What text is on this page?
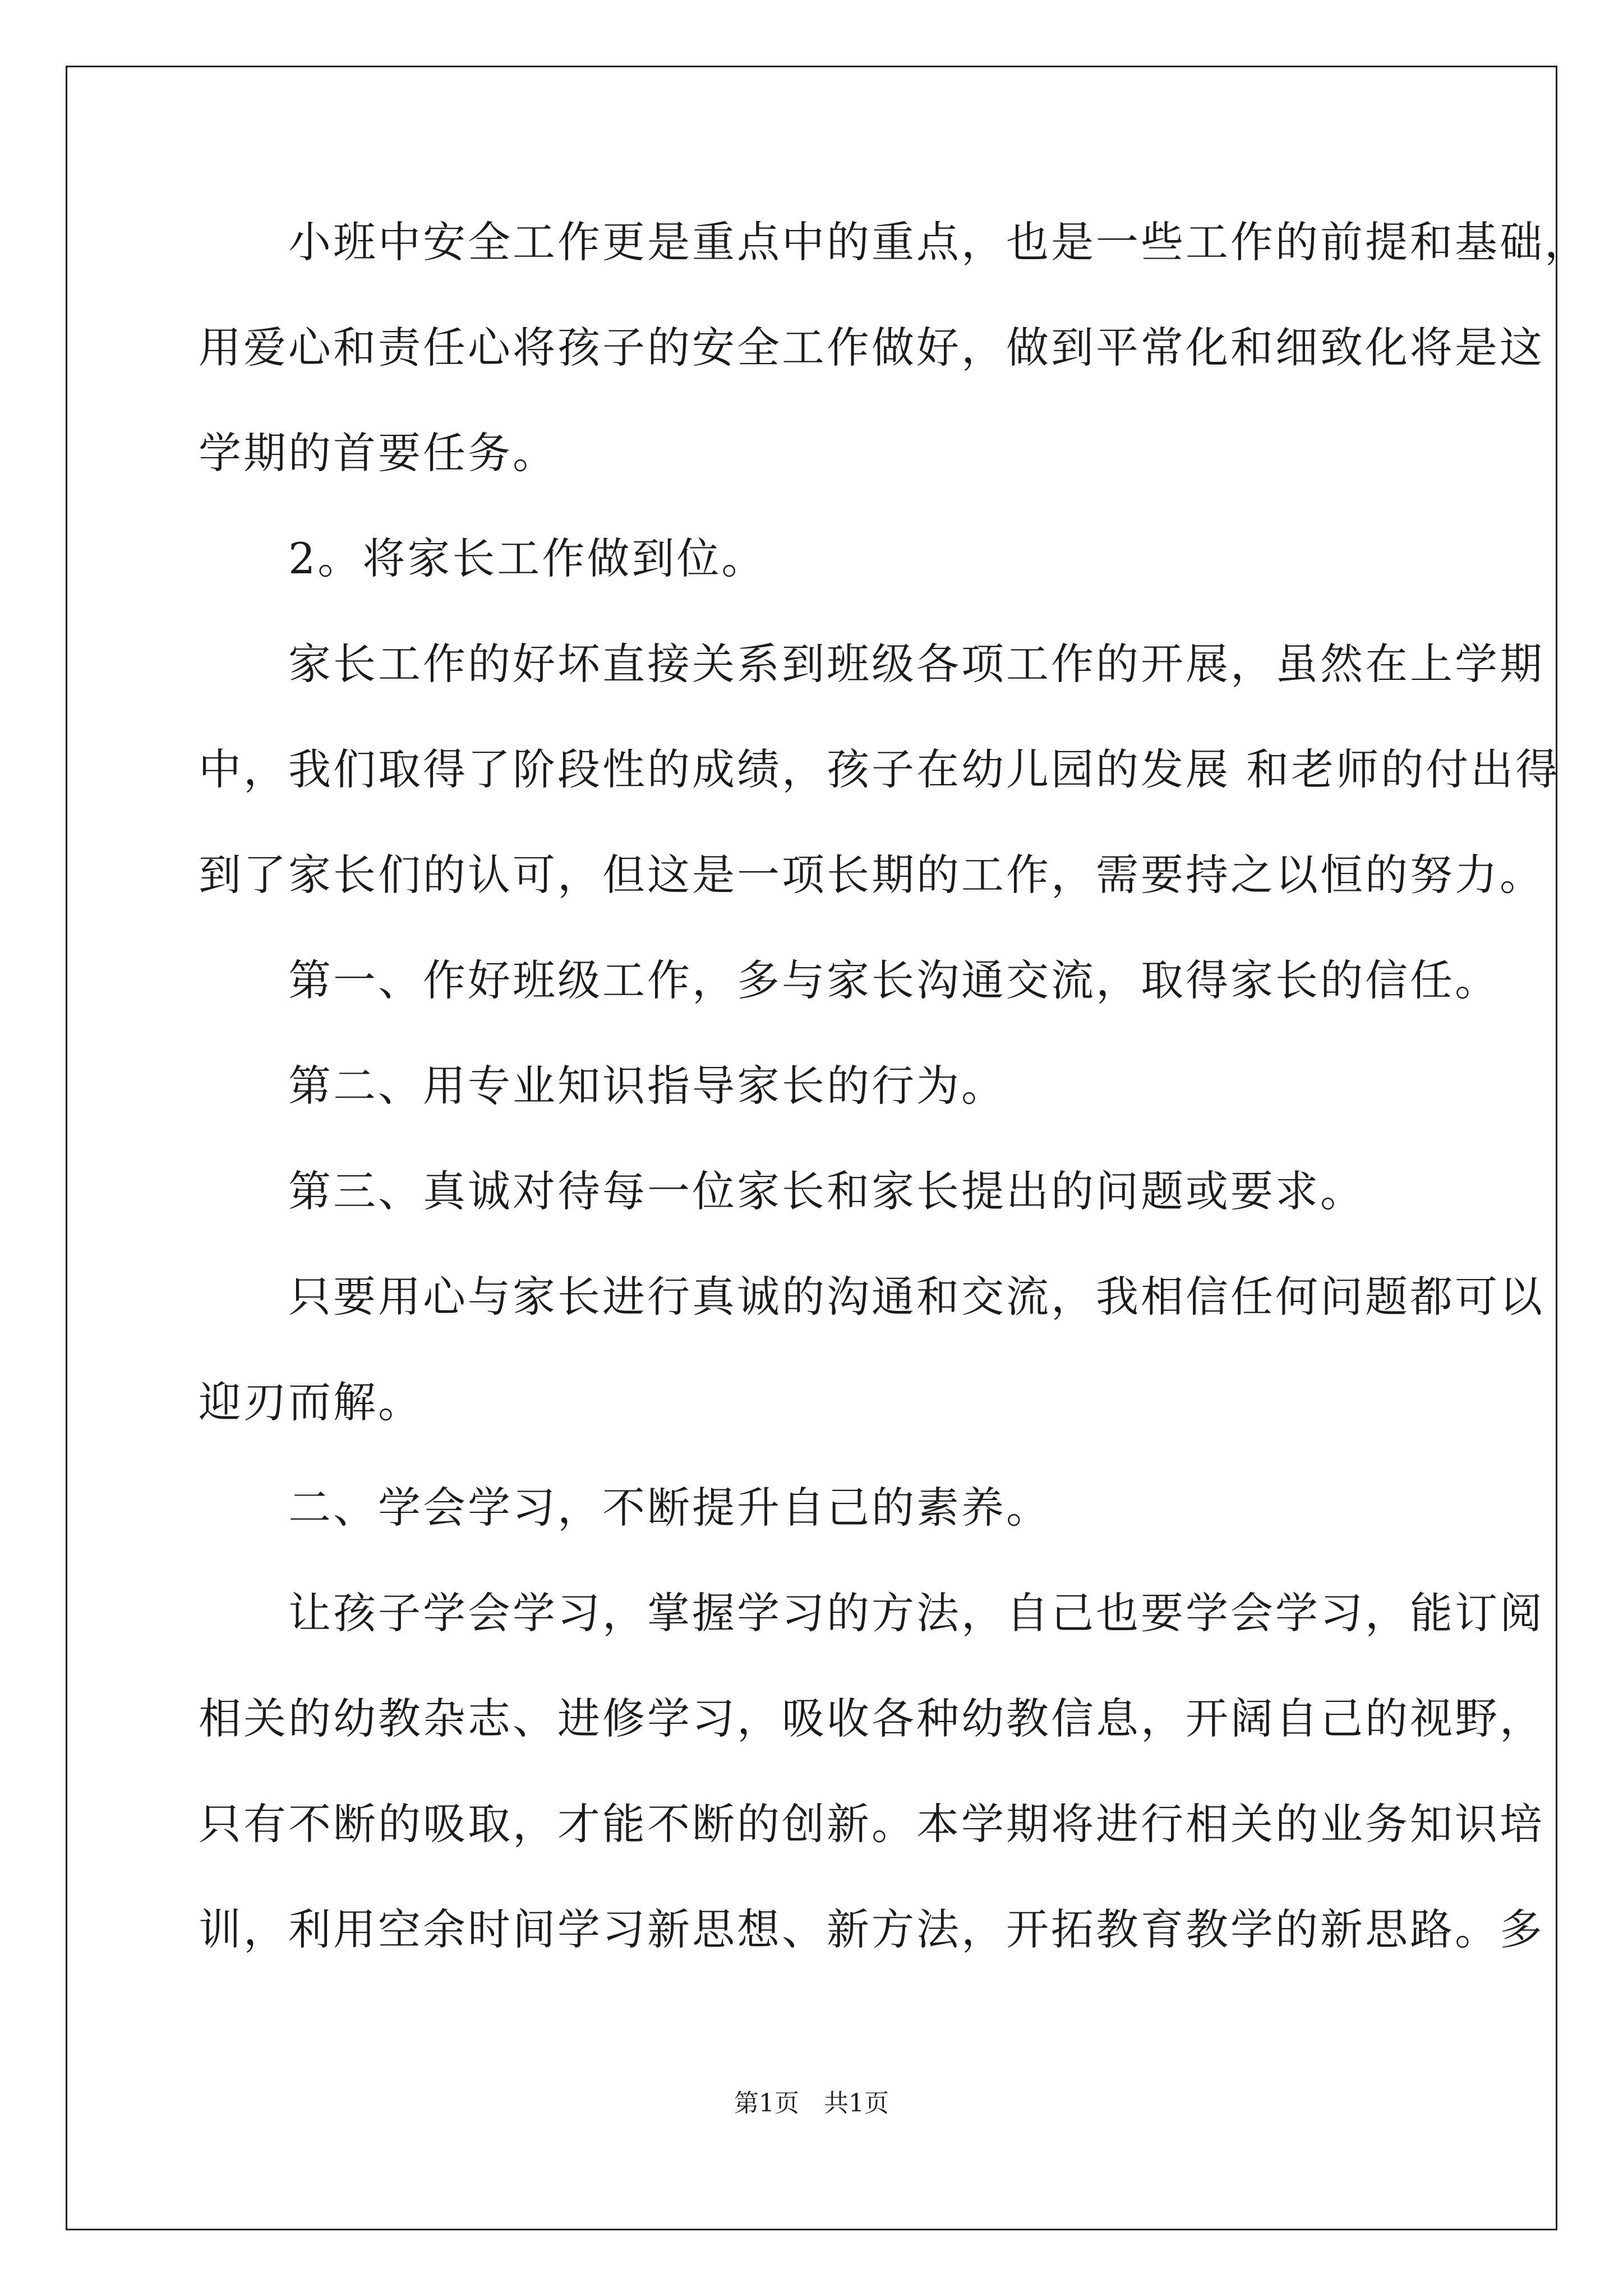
　　小班中安全工作更是重点中的重点，也是一些工作的前提和基础，

用爱心和责任心将孩子的安全工作做好，做到平常化和细致化将是这

学期的首要任务。

　　2。将家长工作做到位。

　　家长工作的好坏直接关系到班级各项工作的开展，虽然在上学期

中，我们取得了阶段性的成绩，孩子在幼儿园的发展 和老师的付出得

到了家长们的认可，但这是一项长期的工作，需要持之以恒的努力。

　　第一、作好班级工作，多与家长沟通交流，取得家长的信任。

　　第二、用专业知识指导家长的行为。

　　第三、真诚对待每一位家长和家长提出的问题或要求。

　　只要用心与家长进行真诚的沟通和交流，我相信任何问题都可以

迎刃而解。

　　二、学会学习，不断提升自己的素养。

　　让孩子学会学习，掌握学习的方法，自己也要学会学习，能订阅

相关的幼教杂志、进修学习，吸收各种幼教信息，开阔自己的视野，

只有不断的吸取，才能不断的创新。本学期将进行相关的业务知识培

训，利用空余时间学习新思想、新方法，开拓教育教学的新思路。多

第1页　共1页
